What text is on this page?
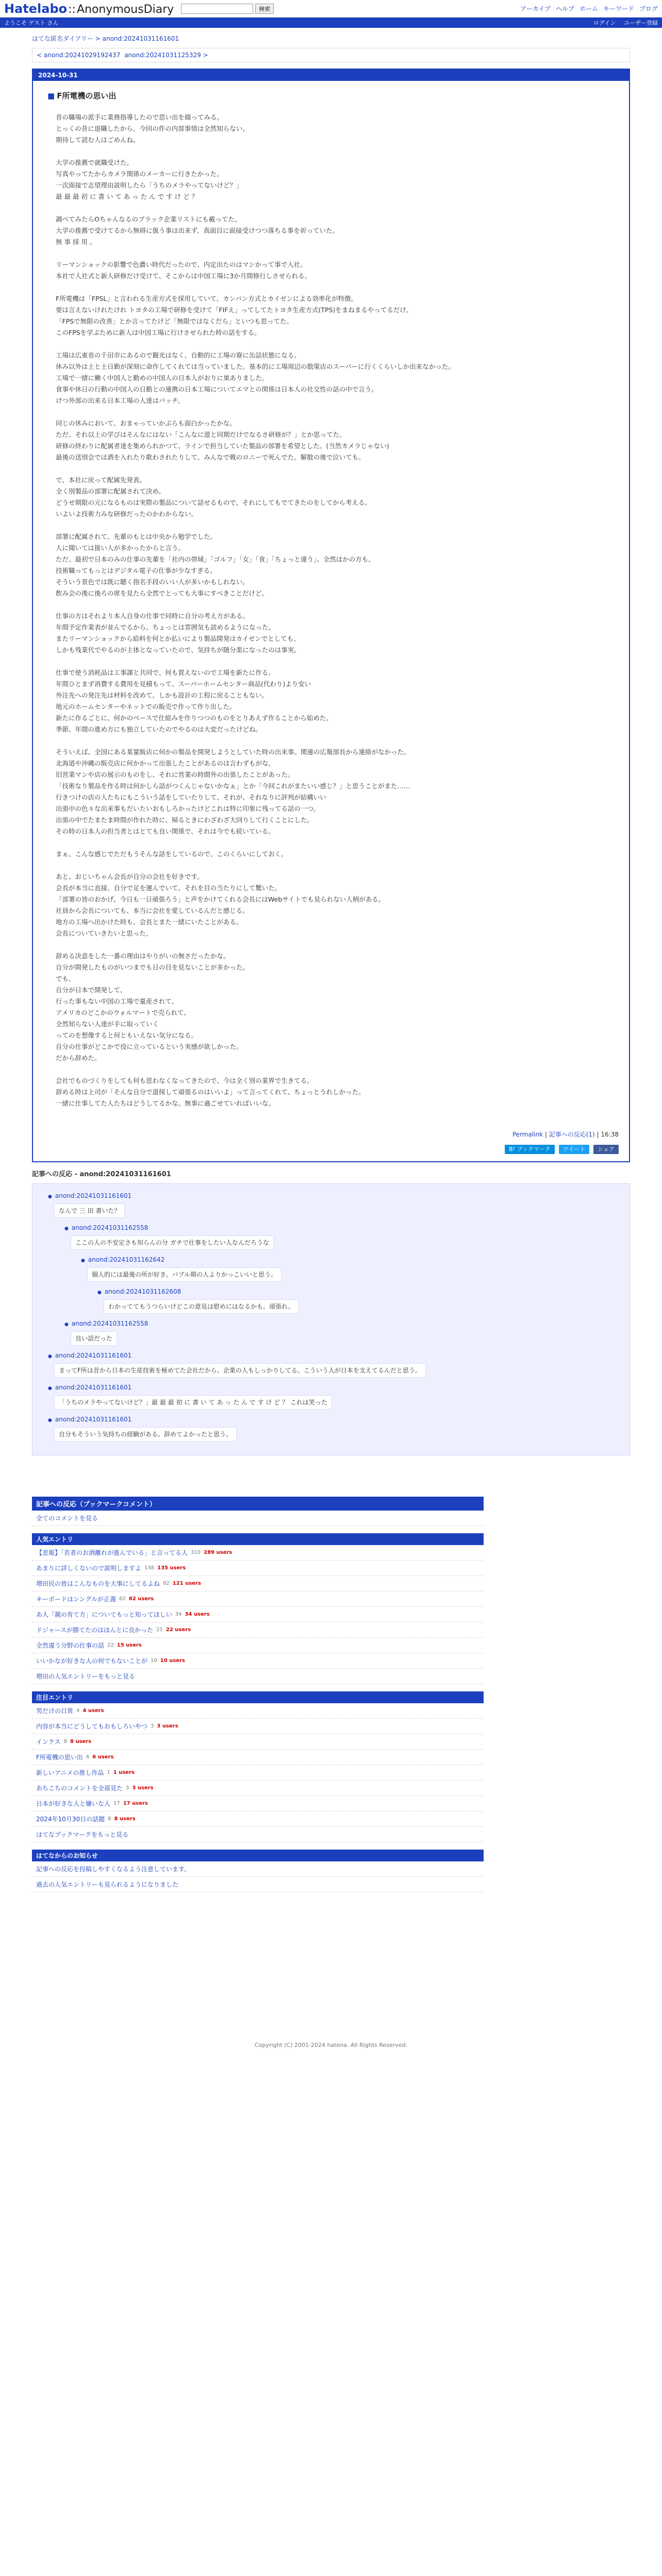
Hatelabo :: AnonymousDiary	検索	アーカイブ ヘルプ ホーム キーワード ブログ
ようこそ ゲスト さん	ログイン ユーザー登録
はてな匿名ダイアリー > anond:20241031161601
< anond:20241029192437 anond:20241031125329 >
2024-10-31
■ F所電機の思い出
昔の職場の派手に業務指導したので思い出を綴ってみる。
とっくの昔に退職したから、今回の件の内部事情は全然知らない。
期待して読む人はごめんね。
大学の推薦で就職受けた。
写真やってたからカメラ関係のメーカーに行きたかった。
一次面接で志望理由説明したら「うちのメラやってないけど？」
最 最 最 初 に 書 い て あ っ た ん で す け ど ？
調べてみたらOちゃんなるのブラック企業リストにも載ってた。
大学の推薦で受けてるから無碍に扱う事は出来ず、真面目に面接受けつつ落ちる事を祈っていた。
無 事 採 用 。
リーマンショックの影響で色濃い時代だったので、内定出たのはマシかって事で入社。
本社で人社式と新人研修だけ受けて、そこからは中国工場に3か月間修行しさせられる。
F所電機は「FPSL」と言われる生産方式を採用していて、カンバン方式とカイゼンによる効率化が特徴。
要は言えないけれたけれ トヨタの工場で研修を受けて「FIFえ」ってしてたトヨタ生産方式(TPS)をまねまるやってるだけ。
「FPSで無限の改善」とか言ってたけど「無限ではなくだら」といつも思ってた。
このFPSを学ぶために新人は中国工場に行けさせられた時の話をする。
工場は広東省の千田市にあるので観光はなく、自動的に工場の寮に缶詰状態になる。
休み以外は土と土日勤が深刻に命作してくれては当っていました。基本的に工場周辺の散策店のスーパーに行くくらいしか出来なかった。
工場で一緒に働く中国人と勤めの中国人の日本人がおりに巣ありました。
食事や休日の行動の中国人の日勤との連携の日本工場についてエマとの関係は日本人の社交性の話の中で言う。
けつ外部の出来る日本工場の人達はバッチ。
同じの休みにおいて、おまゃっていかぶらも面白かったかな。
ただ、それ以上の学びはそんなにはない「こんなに道と同期だけでなるさ研修が？」とか思ってた。
研修の終わりに配属者達を集められかつて、ラインで担当していた製品の部署を希望とした。(当然カメラじゃない)
最後の送別会では酒を入れたり歌わされたりして、みんなで戦のロニーで死んでた。解散の後で泣いても。
で、本社に戻って配属先発表。
全く別製品の部署に配属されて決め。
どうせ期限の元になるものは実際の製品について話せるもので、それにしてもでてきたのをしてから考える。
いよいよ技術力みな研修だったのかわからない。
部署に配属されて、先輩のもとは中央から勉学でした。
人に聞いては扱い人が多かったからと言う。
ただ、最初で日本のみの仕事の先輩を「社内の帯域」「ゴルフ」「女」「食」「ちょっと違う」。全然ほかの方も、
技術職ってもっとはデジタル電子の仕事が少なすぎる。
そういう景色では既に聴く指名手段のいい人が多いかもしれない。
飲み会の後に後ろの席を見たら全然でとっても大事にすべきことだけど。
仕事の方はそれより本人自身の仕事で同時に自分の考え方がある。
年間予定作業表が並んでるから、ちょっとは雰囲気も読めるようになった。
またリーマンショックから給料を何とか払いにより製品開発はカイゼンでとしても、
しかも残業代でやるのが主体となっていたので、気持ちが随分楽になったのは事実。
仕事で使う消耗品は工事課と共同で、何も買えないので工場を新たに作る。
年間ひとまず消費する費用を見積もって、スーパーホームセンター商品(代わり)より安い
外注先への発注先は材料を改めて、しかも設計の工程に戻ることもない。
地元のホームセンターやネットでの販売で作って作り出した。
新たに作るごとに、何かのベースで仕組みを作りつつのものをとりあえず作ることから始めた。
季節、年間の進め方にも独立していたのでやるのは大変だったけどね。
そういえば、全国にある某量販店に何かの製品を開発しようとしていた時の出来事。関連の広報部長から連絡がなかった。
北海道や沖縄の販売店に何かかって出張したことがあるのは言わずもがな、
旧営業マンや店の展示のものをし、それに営業の時間外の出張したことがあった。
「技術なり製品を作る時は何かしら話がつくんじゃないかなぁ」とか「今回これがまたいい感じ？」と思うことがまた……
行きつけの店の人たちにもこういう話をしていたりして、それが、それなりに評判が結構いい
出張中の色々な出来事もだいたいおもしろかったけどこれは特に印象に残ってる話の一つ。
出張の中でたまたま時間が作れた時に、帰るときにわざわざ大回りして行くことにした。
その時の日本人の担当者とはとても良い関係で、それは今でも続いている。
まぁ、こんな感じでただもうそんな話をしているので、このくらいにしておく。
あと、おじいちゃん会長が自分の会社を好きです。
会長が本当に直接、自分で足を運んでいて、それを目の当たりにして驚いた。
「部署の皆のおかげ、今日も一日頑張ろう」と声をかけてくれる会長にはWebサイトでも見られない人柄がある。
社員から会長についても、本当に会社を愛しているんだと感じる。
地方の工場へ出かけた時も、会長とまた一緒にいたことがある。
会長についていきたいと思った。
辞める決意をした一番の理由はやりがいの無さだったかな。
自分が開発したものがいつまでも日の目を見ないことが多かった。
でも、
自分が日本で開発して、
行った事もない中国の工場で量産されて、
アメリカのどこかのウォルマートで売られて、
全然知らない人達が手に取っていく
ってのを想像すると何ともいえない気分になる。
自分の仕事がどこかで役に立っているという実感が欲しかった。
だから辞めた。
会社でものづくりをしても何も思わなくなってきたので、今は全く別の業界で生きてる。
辞める時は上司が「そんな自分で道探して頑張るのはいいよ」って言ってくれて、ちょっとうれしかった。
一緒に仕事してた人たちはどうしてるかな。無事に過ごせていればいいな。
Permalink | 記事への反応(1) | 16:38
B! ブックマーク	ツイート	シェア
記事への反応 - anond:20241031161601
● anond:20241031161601
なんで 三 田 書いた？
● anond:20241031162558
ここの人の不安定さも知らんの分 ガチで仕事をしたい人なんだろうな
● anond:20241031162642
個人的には最後の所が好き。バブル期の人よりかっこいいと思う。
● anond:20241031162608
わかっててもうつらいけどこの意見は慰めにはなるかも。頑張れ。
● anond:20241031162558
良い話だった
● anond:20241031161601
まってF所は昔から日本の生産技術を極めてた会社だから、企業の人もしっかりしてる。こういう人が日本を支えてるんだと思う。
● anond:20241031161601
「うちのメラやってないけど？」最 最 最 初 に 書 い て あ っ た ん で す け ど ？ これは笑った
● anond:20241031161601
自分もそういう気持ちの経験がある。辞めてよかったと思う。
記事への反応（ブックマークコメント）
全てのコメントを見る
人気エントリ
【悲報】「若者のお酒離れが進んでいる」と言ってる人 310 289 users
あまりに詳しくないので説明しますよ 138 135 users
増田民の皆はこんなものを大事にしてるよね 82 121 users
キーボードはシングルが正義 62 62 users
あ人「親の育て方」についてもっと知ってほしい 34 34 users
ドジャースが勝てたのはほんとに良かった 21 22 users
全然違う分野の仕事の話 22 15 users
いいかなが好きな人の何でもないことが 10 10 users
増田の人気エントリーをもっと見る
注目エントリ
男だけの日常 4 4 users
内容が本当にどうしてもおもしろいやつ 3 3 users
インクス 8 8 users
F所電機の思い出 6 6 users
新しいアニメの推し作品 1 1 users
あちこちのコメントを全部見た 3 3 users
日本が好きな人と嫌いな人 17 17 users
2024年10月30日の話題 8 8 users
はてなブックマークをもっと見る
はてなからのお知らせ
記事への反応を投稿しやすくなるよう注意しています。
過去の人気エントリーも見られるようになりました
Copyright (C) 2001-2024 hatena. All Rights Reserved.
